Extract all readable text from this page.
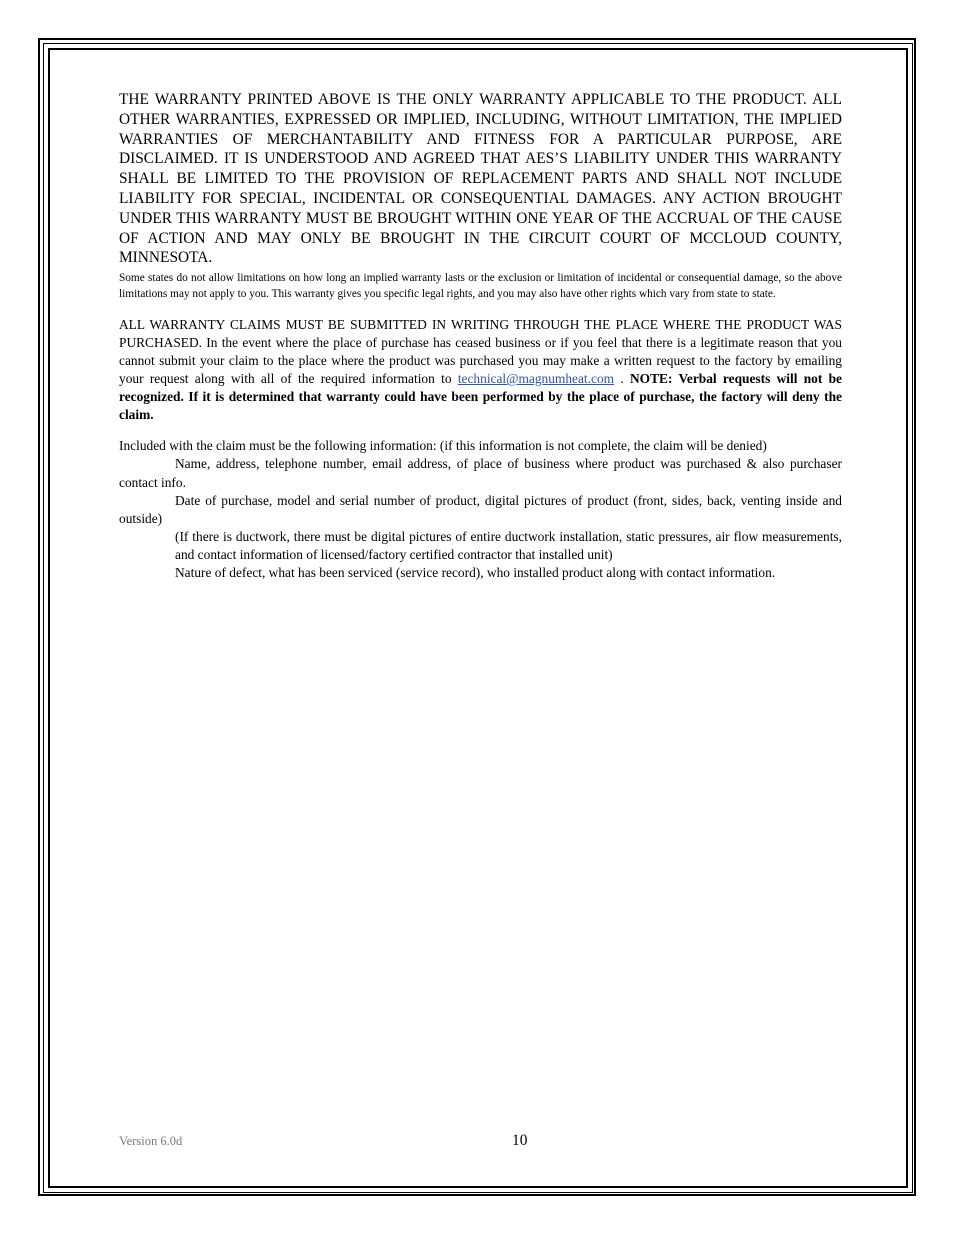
THE WARRANTY PRINTED ABOVE IS THE ONLY WARRANTY APPLICABLE TO THE PRODUCT. ALL OTHER WARRANTIES, EXPRESSED OR IMPLIED, INCLUDING, WITHOUT LIMITATION, THE IMPLIED WARRANTIES OF MERCHANTABILITY AND FITNESS FOR A PARTICULAR PURPOSE, ARE DISCLAIMED. IT IS UNDERSTOOD AND AGREED THAT AES’S LIABILITY UNDER THIS WARRANTY SHALL BE LIMITED TO THE PROVISION OF REPLACEMENT PARTS AND SHALL NOT INCLUDE LIABILITY FOR SPECIAL, INCIDENTAL OR CONSEQUENTIAL DAMAGES. ANY ACTION BROUGHT UNDER THIS WARRANTY MUST BE BROUGHT WITHIN ONE YEAR OF THE ACCRUAL OF THE CAUSE OF ACTION AND MAY ONLY BE BROUGHT IN THE CIRCUIT COURT OF MCCLOUD COUNTY, MINNESOTA.

Some states do not allow limitations on how long an implied warranty lasts or the exclusion or limitation of incidental or consequential damage, so the above limitations may not apply to you. This warranty gives you specific legal rights, and you may also have other rights which vary from state to state.

ALL WARRANTY CLAIMS MUST BE SUBMITTED IN WRITING THROUGH THE PLACE WHERE THE PRODUCT WAS PURCHASED. In the event where the place of purchase has ceased business or if you feel that there is a legitimate reason that you cannot submit your claim to the place where the product was purchased you may make a written request to the factory by emailing your request along with all of the required information to technical@magnumheat.com . NOTE: Verbal requests will not be recognized. If it is determined that warranty could have been performed by the place of purchase, the factory will deny the claim.

Included with the claim must be the following information: (if this information is not complete, the claim will be denied)

Name, address, telephone number, email address, of place of business where product was purchased & also purchaser contact info.

Date of purchase, model and serial number of product, digital pictures of product (front, sides, back, venting inside and outside)

(If there is ductwork, there must be digital pictures of entire ductwork installation, static pressures, air flow measurements, and contact information of licensed/factory certified contractor that installed unit)

Nature of defect, what has been serviced (service record), who installed product along with contact information.

Version 6.0d	10
